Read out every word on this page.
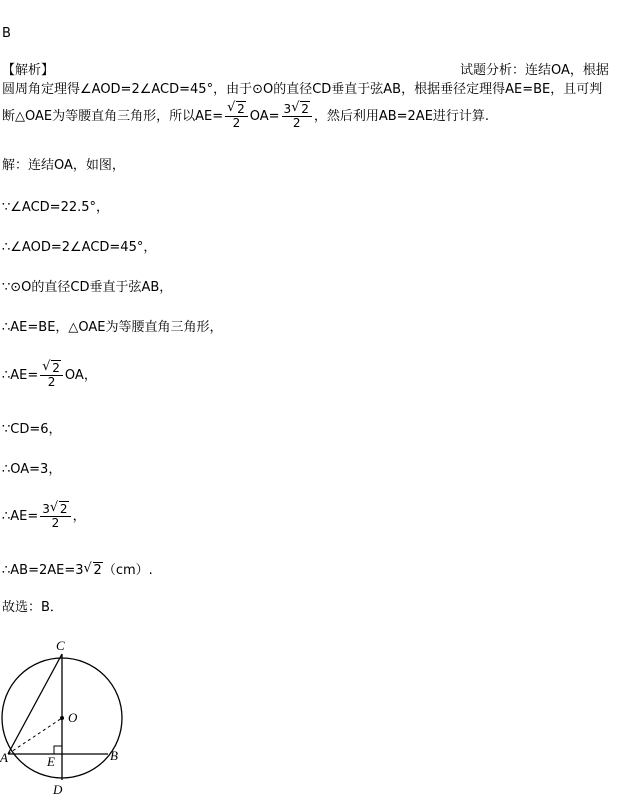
B
【解析】	试题分析：连结OA，根据
圆周角定理得∠AOD=2∠ACD=45°，由于⊙O的直径CD垂直于弦AB，根据垂径定理得AE=BE，且可判
断△OAE为等腰直角三角形，所以AE= √ $\frac{2}{2} OA= \frac{3 √ 2}{2}$ ，然后利用AB=2AE进行计算.
解：连结OA，如图，
∵∠ACD=22.5°，
∴∠AOD=2∠ACD=45°，
∵⊙O的直径CD垂直于弦AB，
∴AE=BE，△OAE为等腰直角三角形，
∴AE= √ $\frac{2}{2}$ OA，
∵CD=6，
∴OA=3，
∴AE= $\frac{3 √ 2}{2}$ ，
∴AB=2AE=3 √ 2（cm）.
故选：B．
C
O
A	E	B
D
